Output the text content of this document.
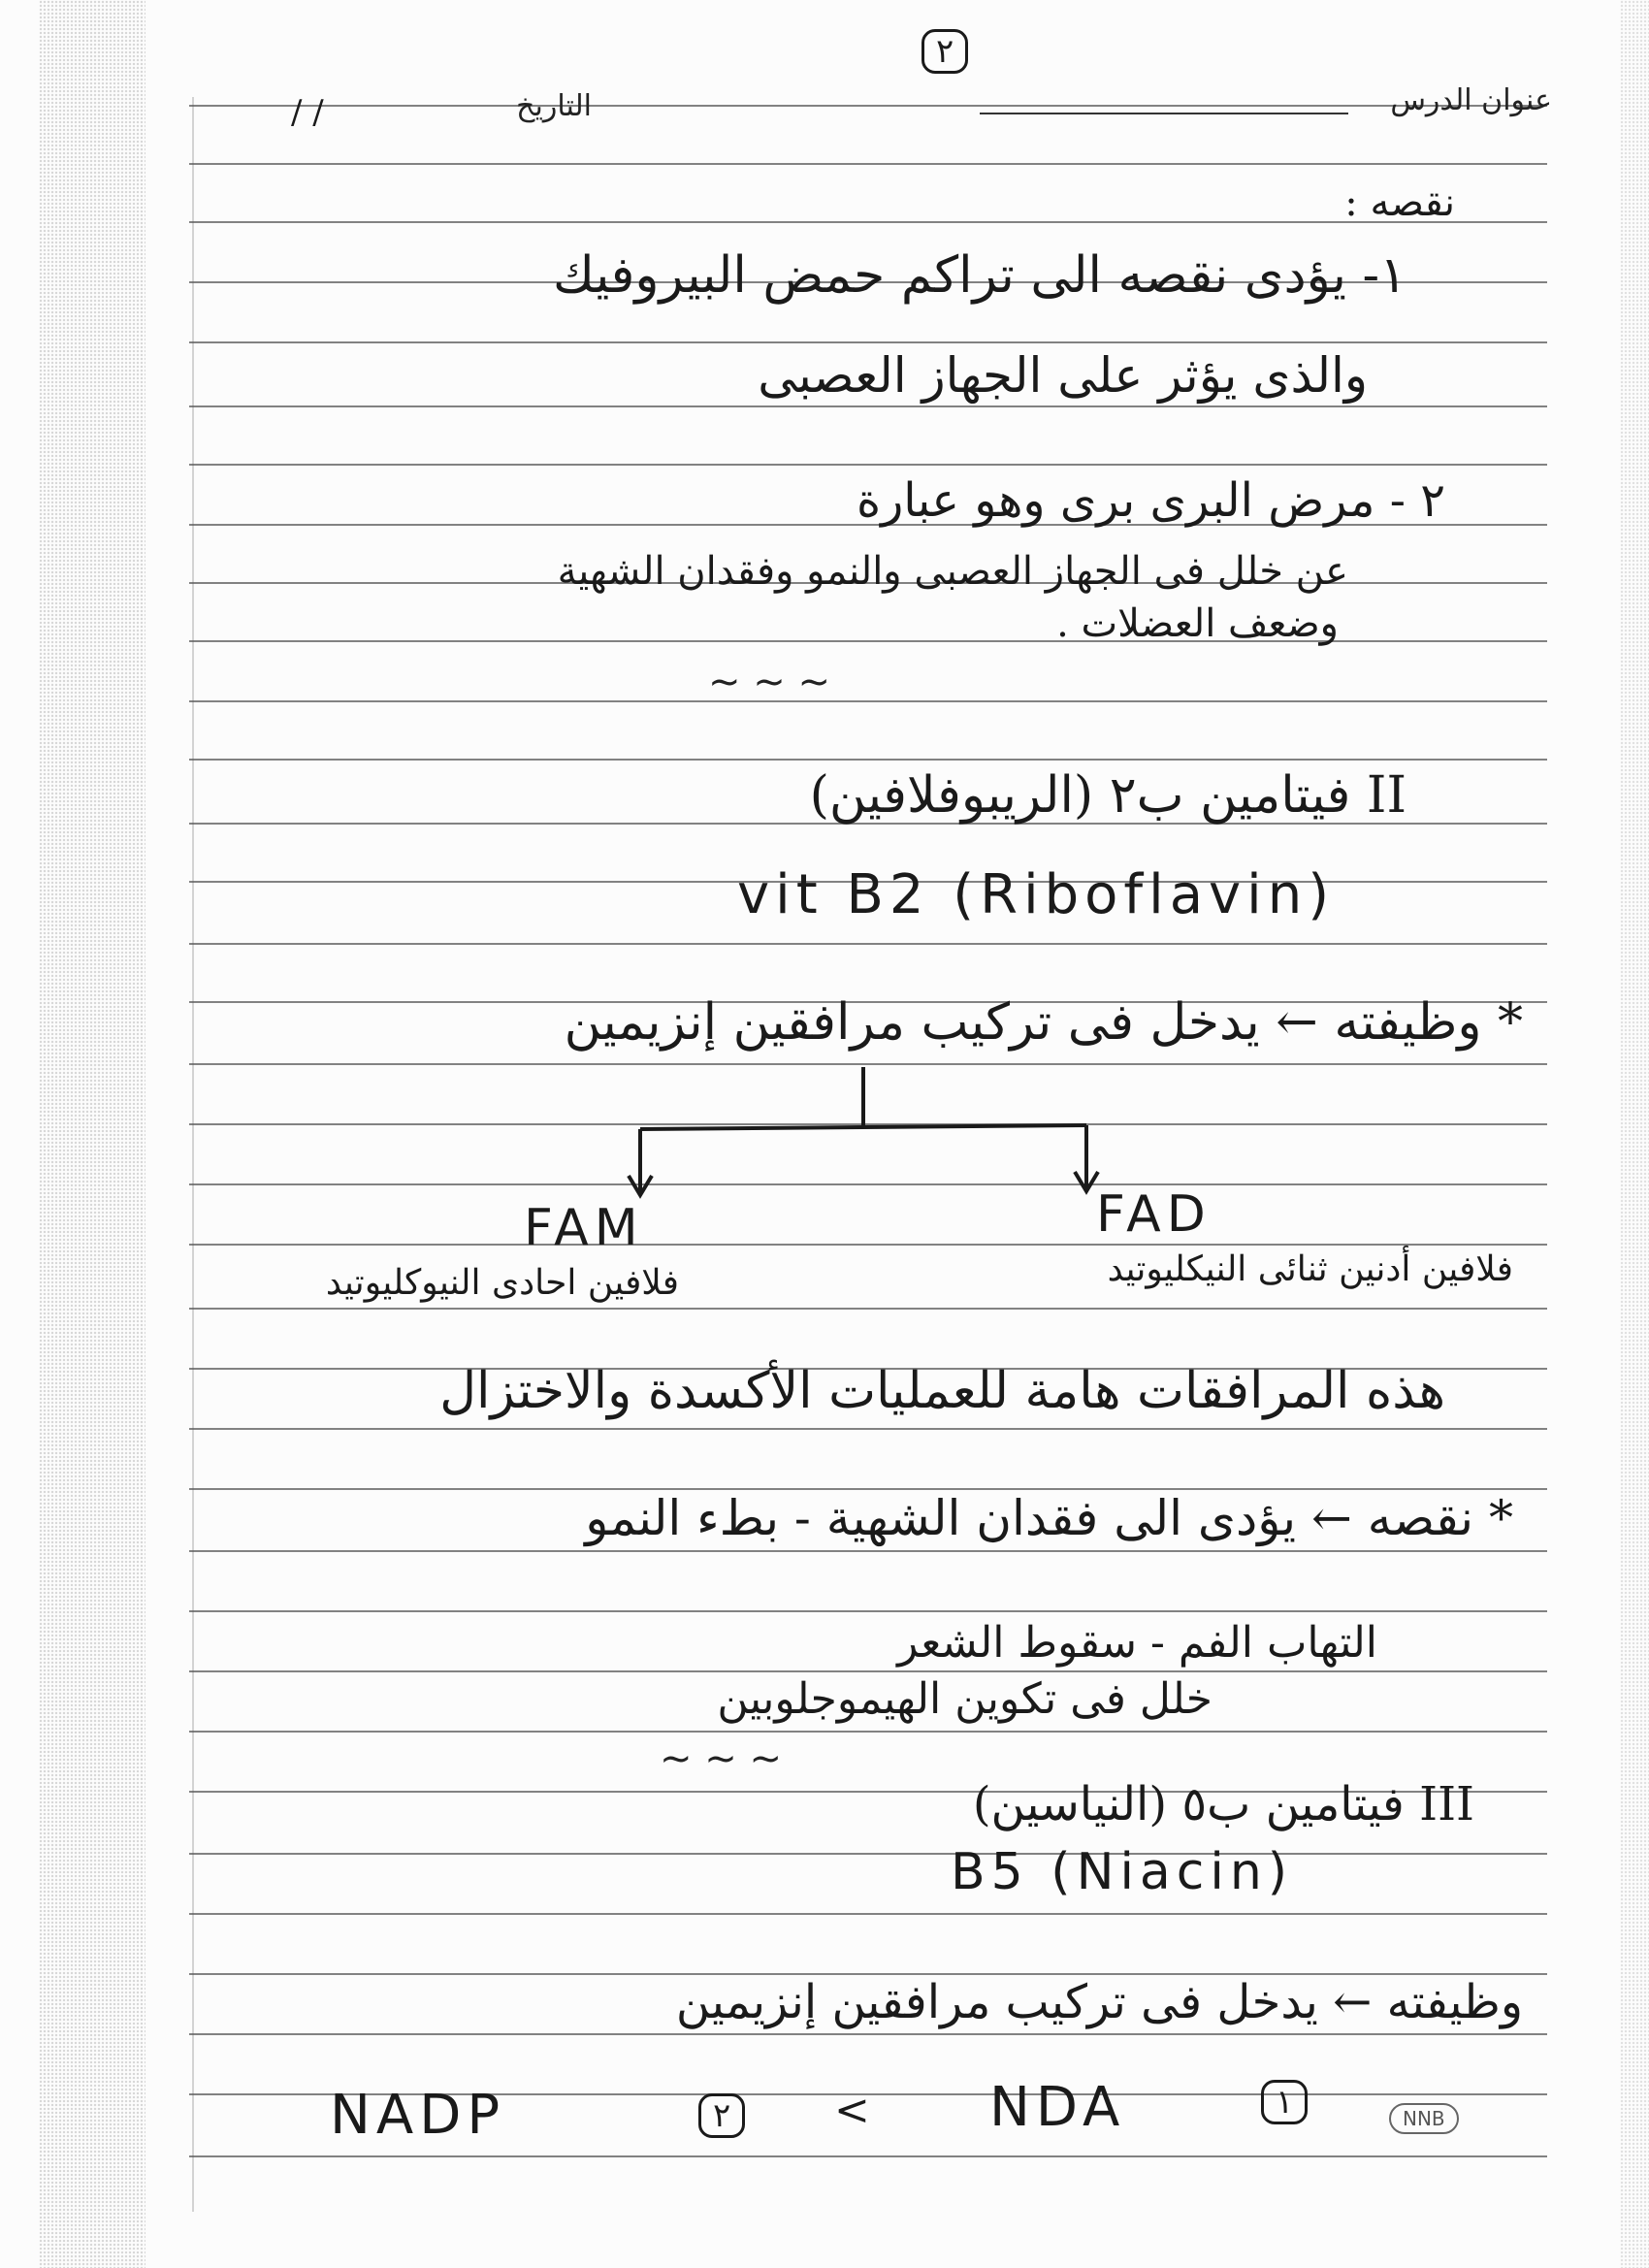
٢
عنوان الدرس
التاريخ
/ /
نقصه :
١- يؤدى نقصه الى تراكم حمض البيروفيك
والذى يؤثر على الجهاز العصبى
٢ - مرض البرى برى وهو عبارة
عن خلل فى الجهاز العصبى والنمو وفقدان الشهية
وضعف العضلات .
~ ~ ~
II فيتامين ب٢ (الريبوفلافين)
vit B2 (Riboflavin)
* وظيفته ← يدخل فى تركيب مرافقين إنزيمين
FAM	FAD
فلافين احادى النيوكليوتيد	فلافين أدنين ثنائى النيكليوتيد
هذه المرافقات هامة للعمليات الأكسدة والاختزال
* نقصه ← يؤدى الى فقدان الشهية - بطء النمو
التهاب الفم - سقوط الشعر
خلل فى تكوين الهيموجلوبين
~ ~ ~
III فيتامين ب٥ (النياسين)
B5 (Niacin)
وظيفته ← يدخل فى تركيب مرافقين إنزيمين
١
NDA
<
٢
NADP	NNB
